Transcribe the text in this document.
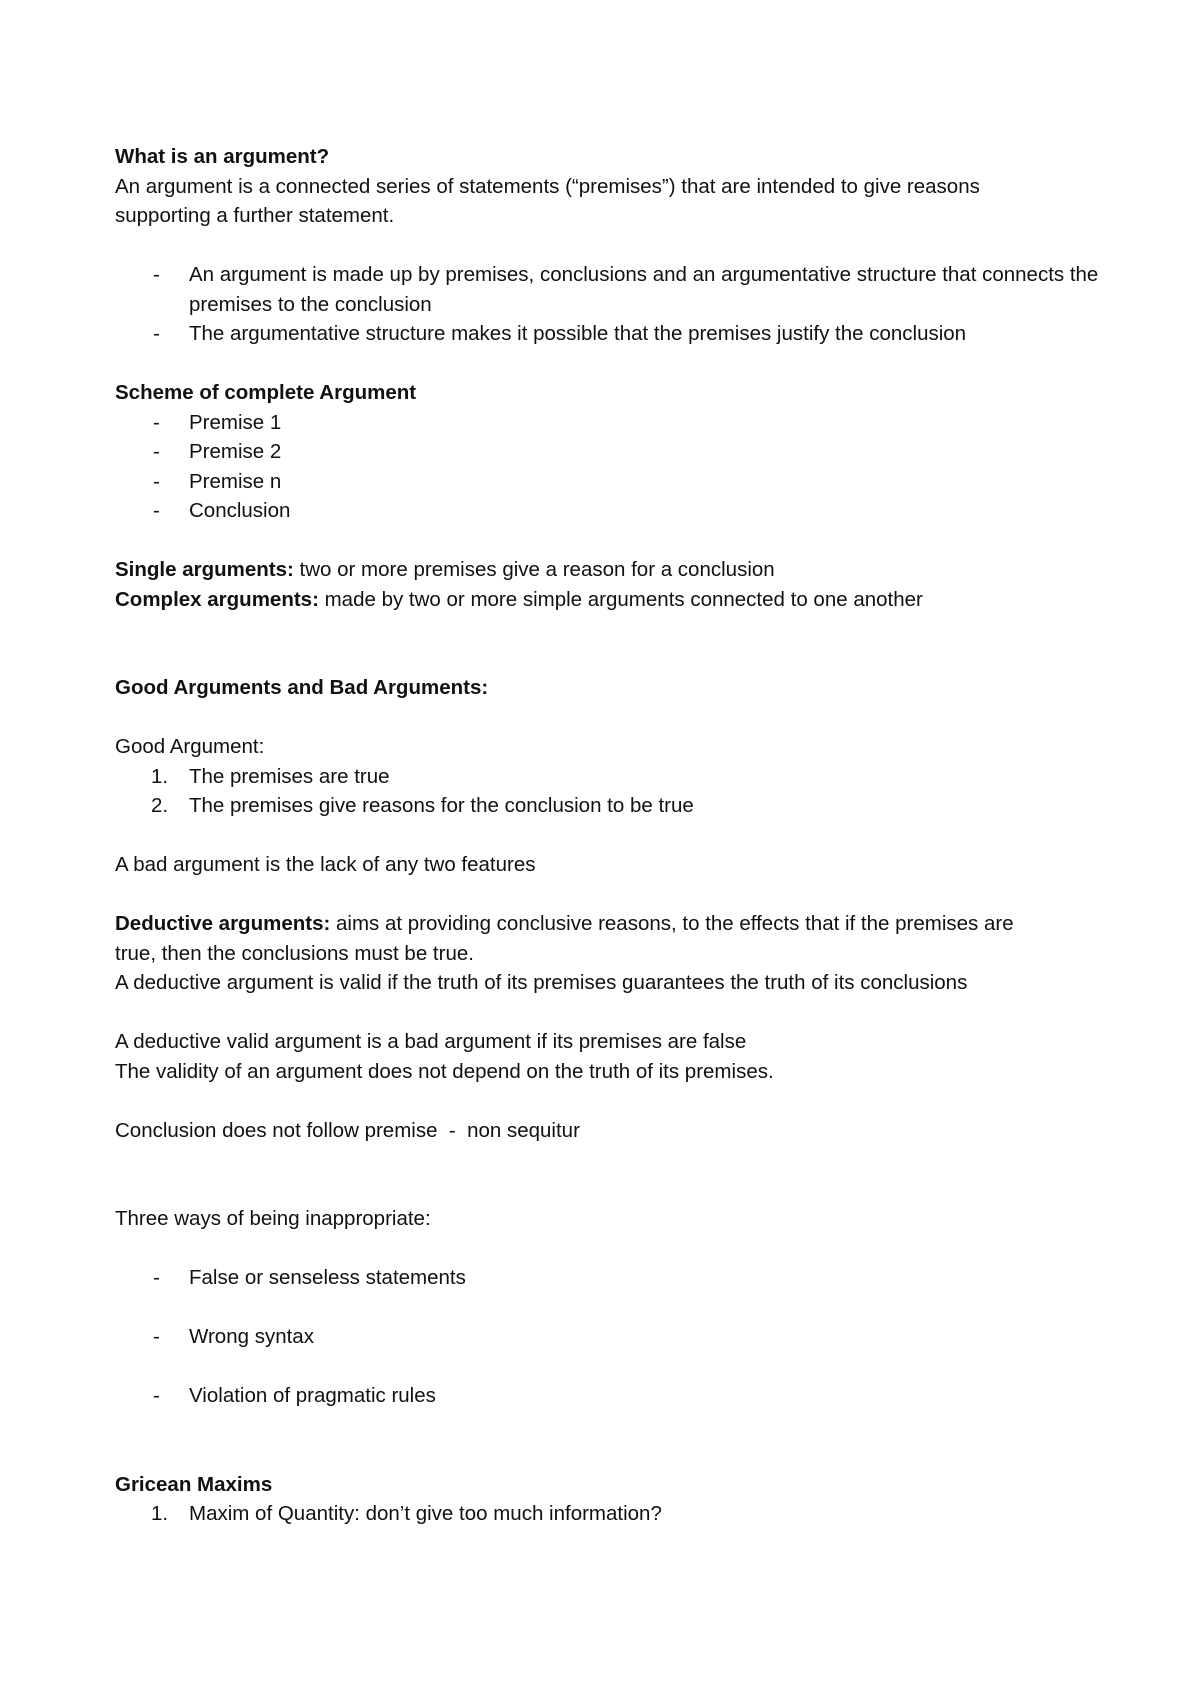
What is an argument?

An argument is a connected series of statements (“premises”) that are intended to give reasons supporting a further statement.

- An argument is made up by premises, conclusions and an argumentative structure that connects the premises to the conclusion
- The argumentative structure makes it possible that the premises justify the conclusion

Scheme of complete Argument

- Premise 1
- Premise 2
- Premise n
- Conclusion

Single arguments: two or more premises give a reason for a conclusion

Complex arguments: made by two or more simple arguments connected to one another

Good Arguments and Bad Arguments:

Good Argument:

1. The premises are true
2. The premises give reasons for the conclusion to be true

A bad argument is the lack of any two features

Deductive arguments: aims at providing conclusive reasons, to the effects that if the premises are true, then the conclusions must be true.

A deductive argument is valid if the truth of its premises guarantees the truth of its conclusions

A deductive valid argument is a bad argument if its premises are false

The validity of an argument does not depend on the truth of its premises.

Conclusion does not follow premise  -  non sequitur

Three ways of being inappropriate:

- False or senseless statements
- Wrong syntax
- Violation of pragmatic rules

Gricean Maxims

1. Maxim of Quantity: don’t give too much information?
